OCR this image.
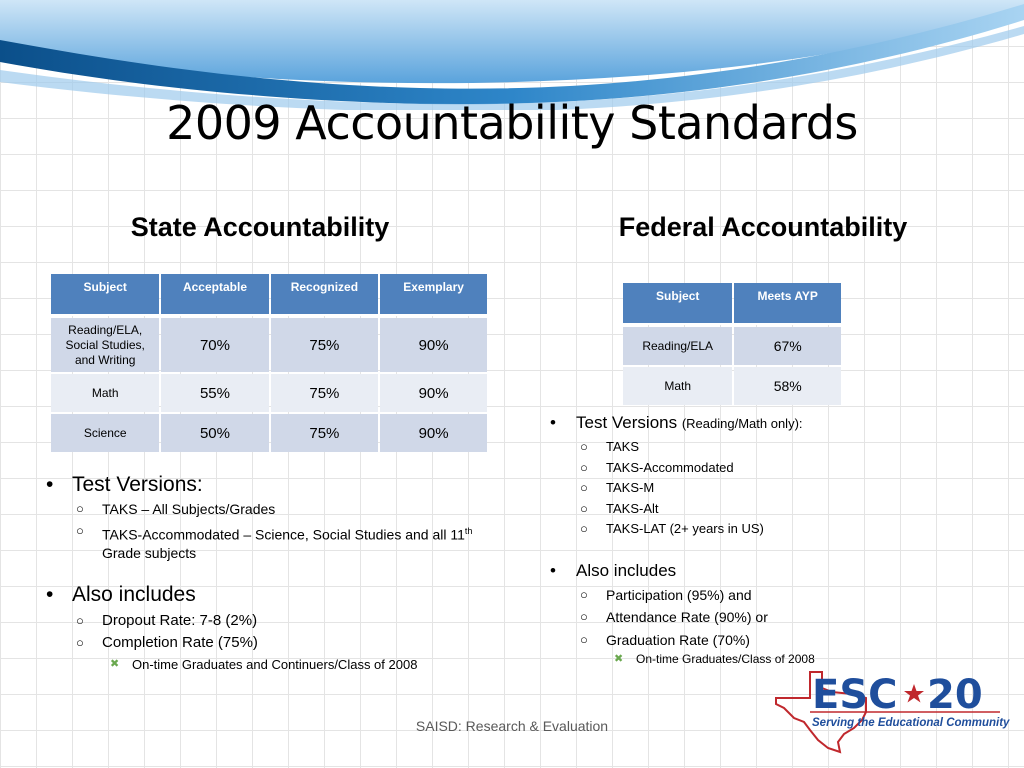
2009 Accountability Standards
State Accountability
Subject	Acceptable	Recognized	Exemplary
Reading/ELA, Social Studies, and Writing	70%	75%	90%
Math	55%	75%	90%
Science	50%	75%	90%
• Test Versions:
○ TAKS – All Subjects/Grades
○ TAKS-Accommodated – Science, Social Studies and all 11th Grade subjects
• Also includes
○ Dropout Rate: 7-8 (2%)
○ Completion Rate (75%)
✖ On-time Graduates and Continuers/Class of 2008
Federal Accountability
Subject	Meets AYP
Reading/ELA	67%
Math	58%
• Test Versions (Reading/Math only):
○ TAKS
○ TAKS-Accommodated
○ TAKS-M
○ TAKS-Alt
○ TAKS-LAT (2+ years in US)
• Also includes
○ Participation (95%) and
○ Attendance Rate (90%) or
○ Graduation Rate (70%)
✖ On-time Graduates/Class of 2008
SAISD: Research & Evaluation
ESC 20
Serving the Educational Community
